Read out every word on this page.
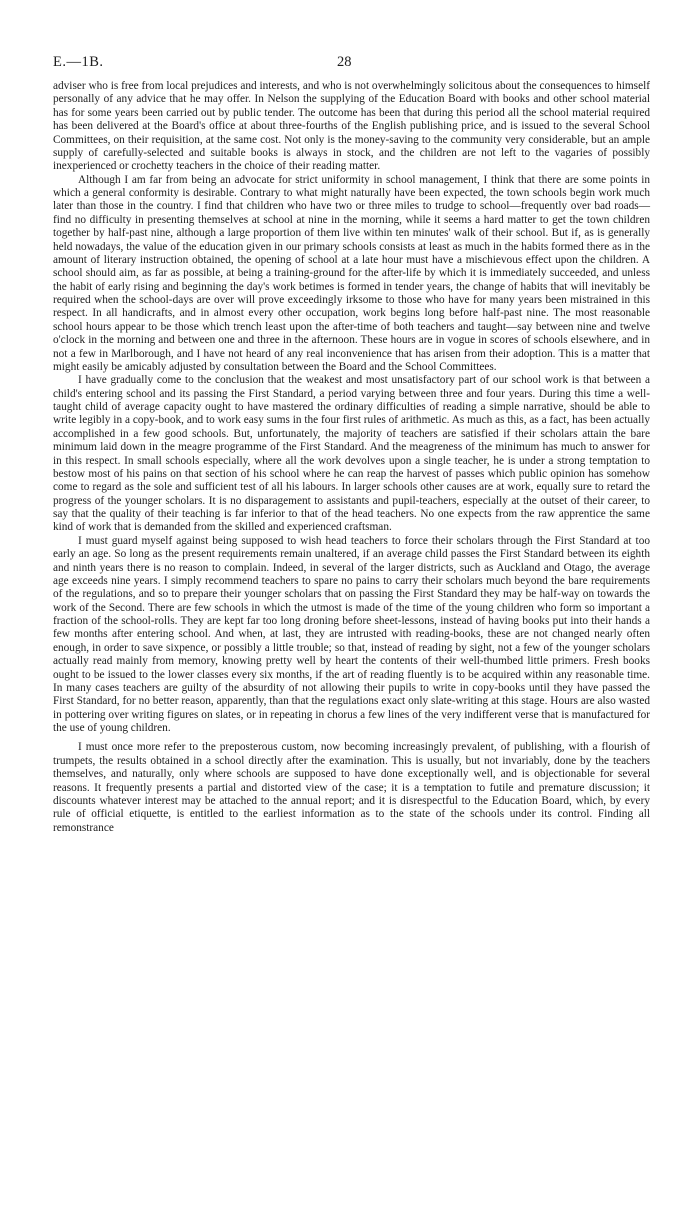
E.—1B.	28

adviser who is free from local prejudices and interests, and who is not overwhelmingly solicitous about the consequences to himself personally of any advice that he may offer. In Nelson the supplying of the Education Board with books and other school material has for some years been carried out by public tender. The outcome has been that during this period all the school material required has been delivered at the Board's office at about three-fourths of the English publishing price, and is issued to the several School Committees, on their requisition, at the same cost. Not only is the money-saving to the community very considerable, but an ample supply of carefully-selected and suitable books is always in stock, and the children are not left to the vagaries of possibly inexperienced or crochetty teachers in the choice of their reading matter.

Although I am far from being an advocate for strict uniformity in school management, I think that there are some points in which a general conformity is desirable. Contrary to what might naturally have been expected, the town schools begin work much later than those in the country. I find that children who have two or three miles to trudge to school—frequently over bad roads—find no difficulty in presenting themselves at school at nine in the morning, while it seems a hard matter to get the town children together by half-past nine, although a large proportion of them live within ten minutes' walk of their school. But if, as is generally held nowadays, the value of the education given in our primary schools consists at least as much in the habits formed there as in the amount of literary instruction obtained, the opening of school at a late hour must have a mischievous effect upon the children. A school should aim, as far as possible, at being a training-ground for the after-life by which it is immediately succeeded, and unless the habit of early rising and beginning the day's work betimes is formed in tender years, the change of habits that will inevitably be required when the school-days are over will prove exceedingly irksome to those who have for many years been mistrained in this respect. In all handicrafts, and in almost every other occupation, work begins long before half-past nine. The most reasonable school hours appear to be those which trench least upon the after-time of both teachers and taught—say between nine and twelve o'clock in the morning and between one and three in the afternoon. These hours are in vogue in scores of schools elsewhere, and in not a few in Marlborough, and I have not heard of any real inconvenience that has arisen from their adoption. This is a matter that might easily be amicably adjusted by consultation between the Board and the School Committees.

I have gradually come to the conclusion that the weakest and most unsatisfactory part of our school work is that between a child's entering school and its passing the First Standard, a period varying between three and four years. During this time a well-taught child of average capacity ought to have mastered the ordinary difficulties of reading a simple narrative, should be able to write legibly in a copy-book, and to work easy sums in the four first rules of arithmetic. As much as this, as a fact, has been actually accomplished in a few good schools. But, unfortunately, the majority of teachers are satisfied if their scholars attain the bare minimum laid down in the meagre programme of the First Standard. And the meagreness of the minimum has much to answer for in this respect. In small schools especially, where all the work devolves upon a single teacher, he is under a strong temptation to bestow most of his pains on that section of his school where he can reap the harvest of passes which public opinion has somehow come to regard as the sole and sufficient test of all his labours. In larger schools other causes are at work, equally sure to retard the progress of the younger scholars. It is no disparagement to assistants and pupil-teachers, especially at the outset of their career, to say that the quality of their teaching is far inferior to that of the head teachers. No one expects from the raw apprentice the same kind of work that is demanded from the skilled and experienced craftsman.

I must guard myself against being supposed to wish head teachers to force their scholars through the First Standard at too early an age. So long as the present requirements remain unaltered, if an average child passes the First Standard between its eighth and ninth years there is no reason to complain. Indeed, in several of the larger districts, such as Auckland and Otago, the average age exceeds nine years. I simply recommend teachers to spare no pains to carry their scholars much beyond the bare requirements of the regulations, and so to prepare their younger scholars that on passing the First Standard they may be half-way on towards the work of the Second. There are few schools in which the utmost is made of the time of the young children who form so important a fraction of the school-rolls. They are kept far too long droning before sheet-lessons, instead of having books put into their hands a few months after entering school. And when, at last, they are intrusted with reading-books, these are not changed nearly often enough, in order to save sixpence, or possibly a little trouble; so that, instead of reading by sight, not a few of the younger scholars actually read mainly from memory, knowing pretty well by heart the contents of their well-thumbed little primers. Fresh books ought to be issued to the lower classes every six months, if the art of reading fluently is to be acquired within any reasonable time. In many cases teachers are guilty of the absurdity of not allowing their pupils to write in copy-books until they have passed the First Standard, for no better reason, apparently, than that the regulations exact only slate-writing at this stage. Hours are also wasted in pottering over writing figures on slates, or in repeating in chorus a few lines of the very indifferent verse that is manufactured for the use of young children.

I must once more refer to the preposterous custom, now becoming increasingly prevalent, of publishing, with a flourish of trumpets, the results obtained in a school directly after the examination. This is usually, but not invariably, done by the teachers themselves, and naturally, only where schools are supposed to have done exceptionally well, and is objectionable for several reasons. It frequently presents a partial and distorted view of the case; it is a temptation to futile and premature discussion; it discounts whatever interest may be attached to the annual report; and it is disrespectful to the Education Board, which, by every rule of official etiquette, is entitled to the earliest information as to the state of the schools under its control. Finding all remonstrance
